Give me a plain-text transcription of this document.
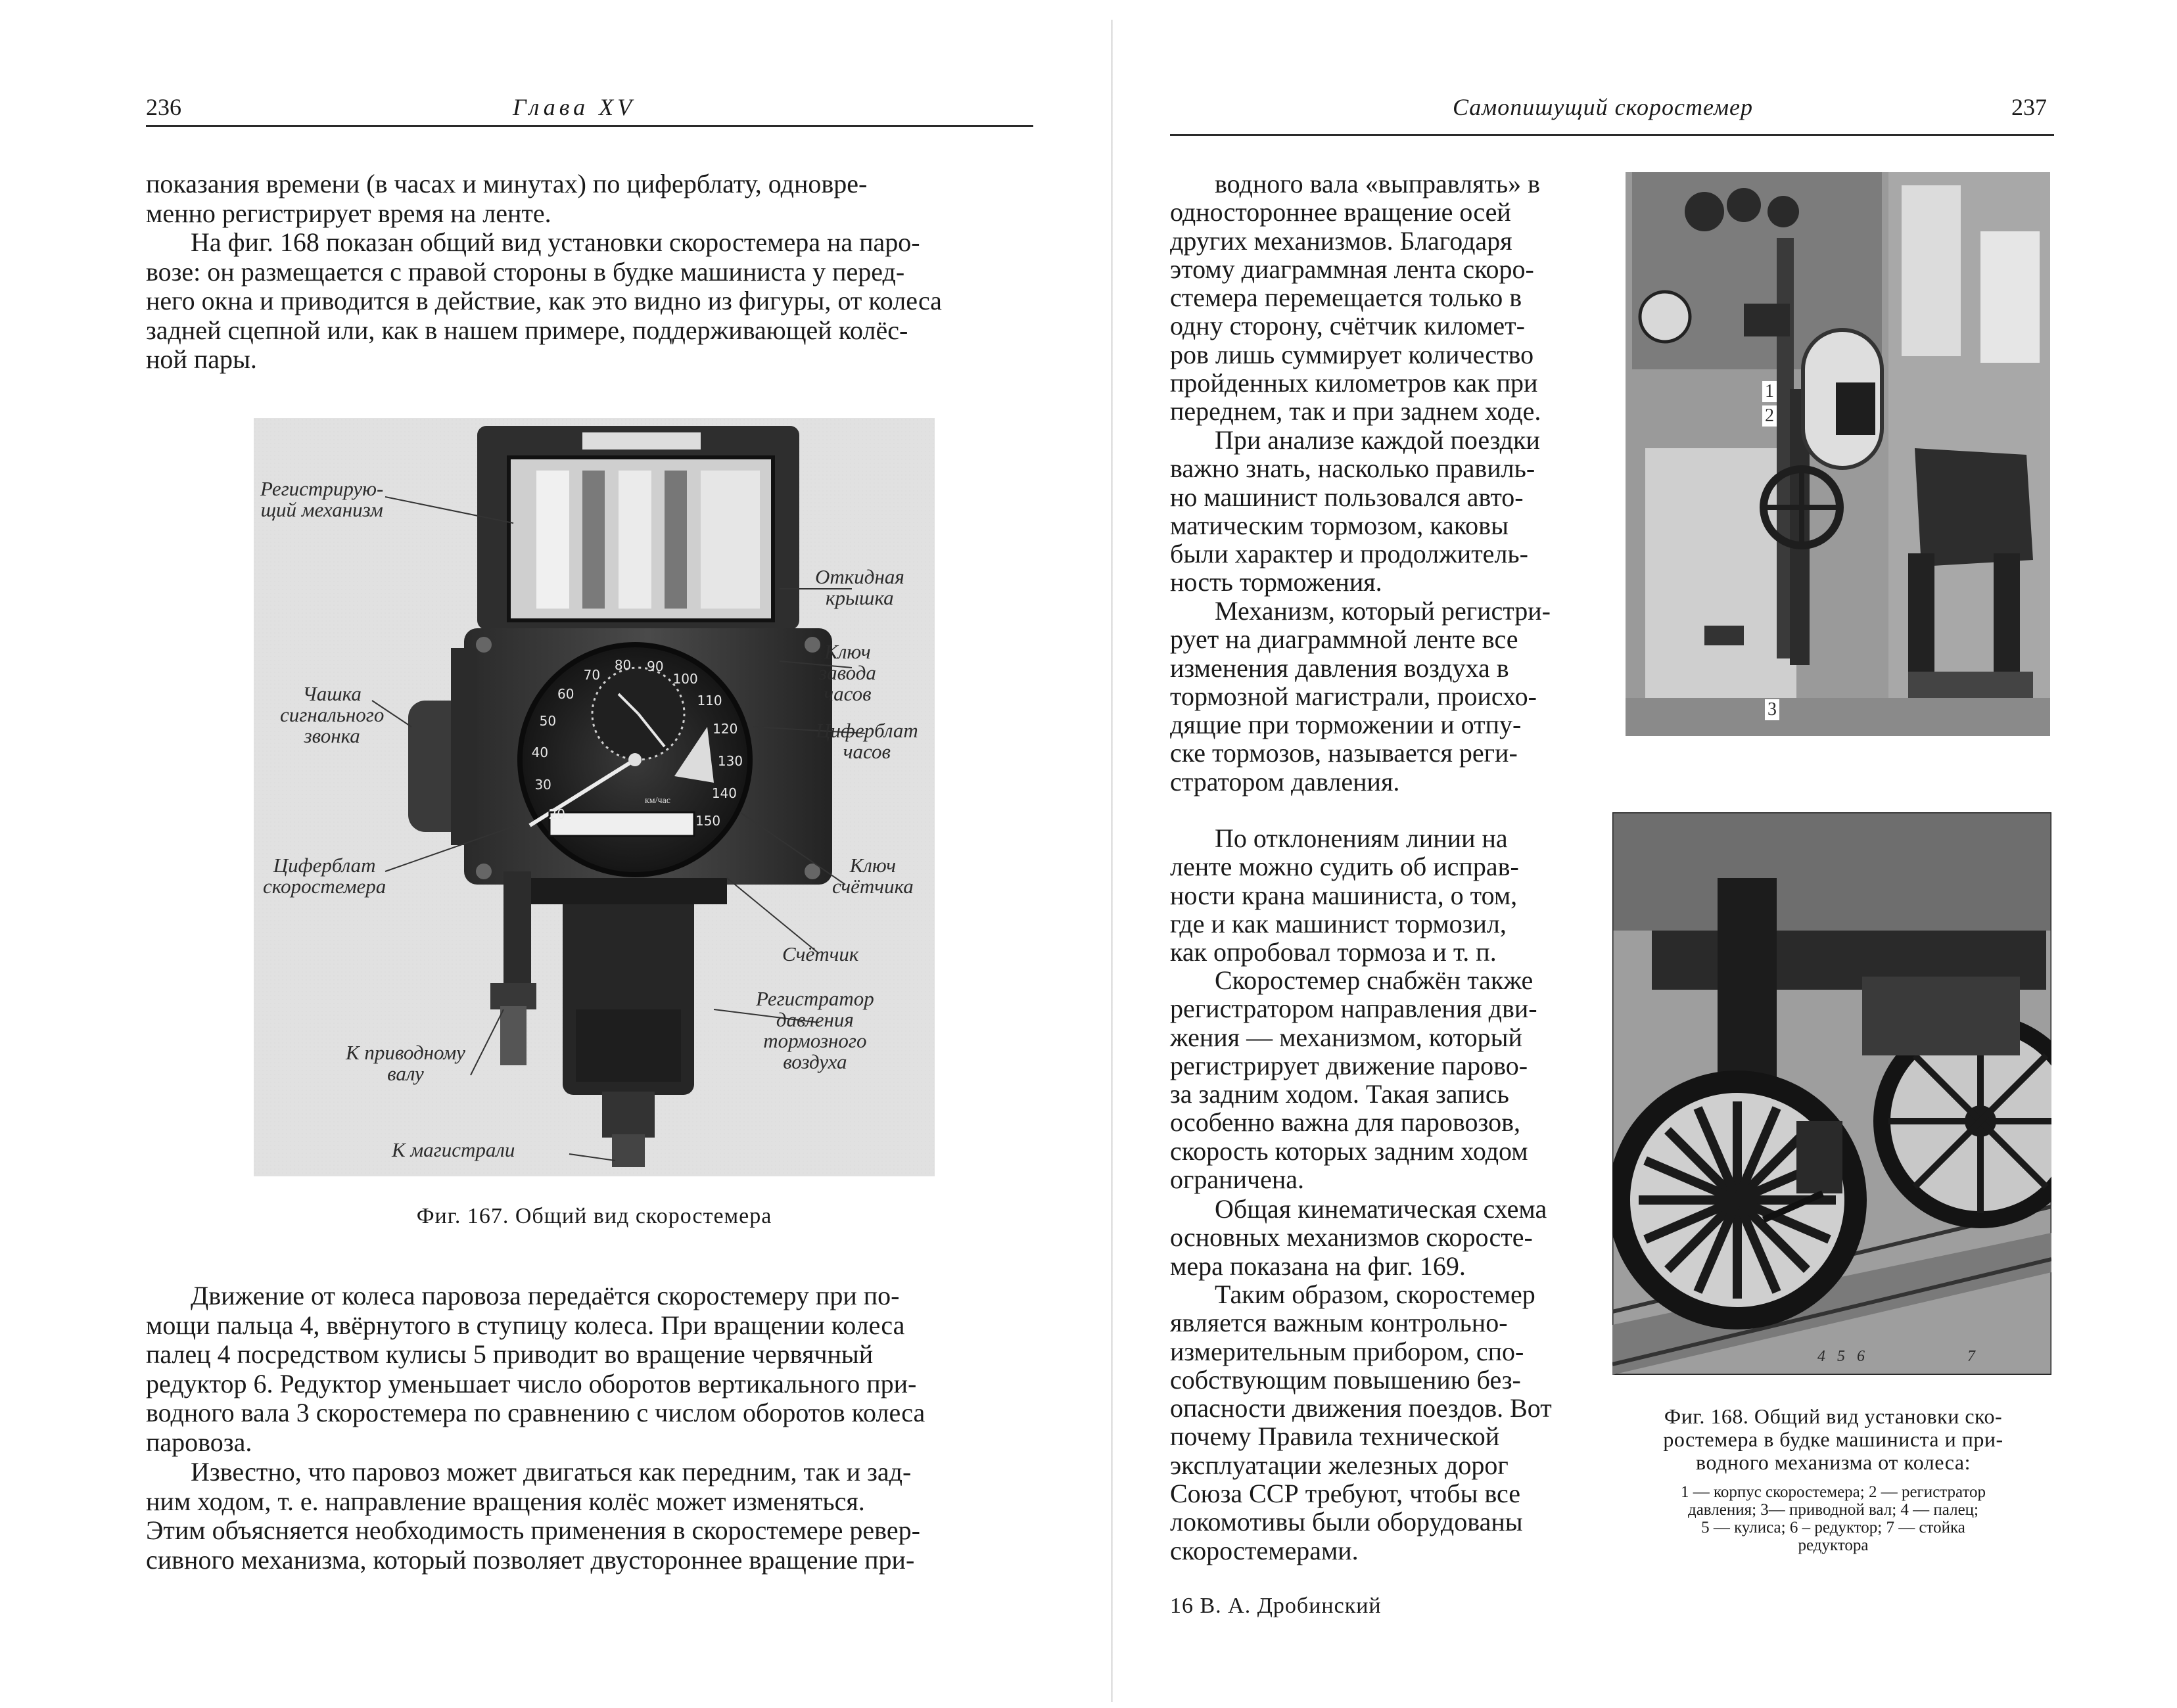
236	Глава XV
показания времени (в часах и минутах) по циферблату, одновре-
менно регистрирует время на ленте.
На фиг. 168 показан общий вид установки скоростемера на паро-
возе: он размещается с правой стороны в будке машиниста у перед-
него окна и приводится в действие, как это видно из фигуры, от колеса
задней сцепной или, как в нашем примере, поддерживающей колёс-
ной пары.
20
30
40
50
60
70
80 90
100
110
120
130
140
150
км/час
Регистрирую-
щий механизм
Откидная
крышка
Ключ
завода
часов
Чашка
сигнального
звонка	Циферблат
часов
Циферблат
скоростемера
Ключ
счётчика
Счётчик
Регистратор
давления
тормозного
воздуха
К приводному
валу
К магистрали

Фиг. 167. Общий вид скоростемера

Движение от колеса паровоза передаётся скоростемеру при по-
мощи пальца 4, ввёрнутого в ступицу колеса. При вращении колеса
палец 4 посредством кулисы 5 приводит во вращение червячный
редуктор 6. Редуктор уменьшает число оборотов вертикального при-
водного вала 3 скоростемера по сравнению с числом оборотов колеса
паровоза.
Известно, что паровоз может двигаться как передним, так и зад-
ним ходом, т. е. направление вращения колёс может изменяться.
Этим объясняется необходимость применения в скоростемере ревер-
сивного механизма, который позволяет двустороннее вращение при-
Самопишущий скоростемер	237
водного вала «выправлять» в
одностороннее вращение осей
других механизмов. Благодаря
этому диаграммная лента скоро-
стемера перемещается только в
одну сторону, счётчик километ-
ров лишь суммирует количество
пройденных километров как при
переднем, так и при заднем ходе.
При анализе каждой поездки
важно знать, насколько правиль-
но машинист пользовался авто-
матическим тормозом, каковы
были характер и продолжитель-
ность торможения.
Механизм, который регистри-
рует на диаграммной ленте все
изменения давления воздуха в
тормозной магистрали, происхо-
дящие при торможении и отпу-
ске тормозов, называется реги-
стратором давления.
По отклонениям линии на
ленте можно судить об исправ-
ности крана машиниста, о том,
где и как машинист тормозил,
как опробовал тормоза и т. п.
Скоростемер снабжён также
регистратором направления дви-
жения — механизмом, который
регистрирует движение парово-
за задним ходом. Такая запись
особенно важна для паровозов,
скорость которых задним ходом
ограничена.
Общая кинематическая схема
основных механизмов скоросте-
мера показана на фиг. 169.
Таким образом, скоростемер
является важным контрольно-
измерительным прибором, спо-
собствующим повышению без-
опасности движения поездов. Вот
почему Правила технической
эксплуатации железных дорог
Союза ССР требуют, чтобы все
локомотивы были оборудованы
скоростемерами.
16 В. А. Дробинский
1
2
3
4 5 6	7
Фиг. 168. Общий вид установки ско-
ростемера в будке машиниста и при-
водного механизма от колеса:
1 — корпус скоростемера; 2 — регистратор
давления; 3— приводной вал; 4 — палец;
5 — кулиса; 6 – редуктор; 7 — стойка
редуктора
